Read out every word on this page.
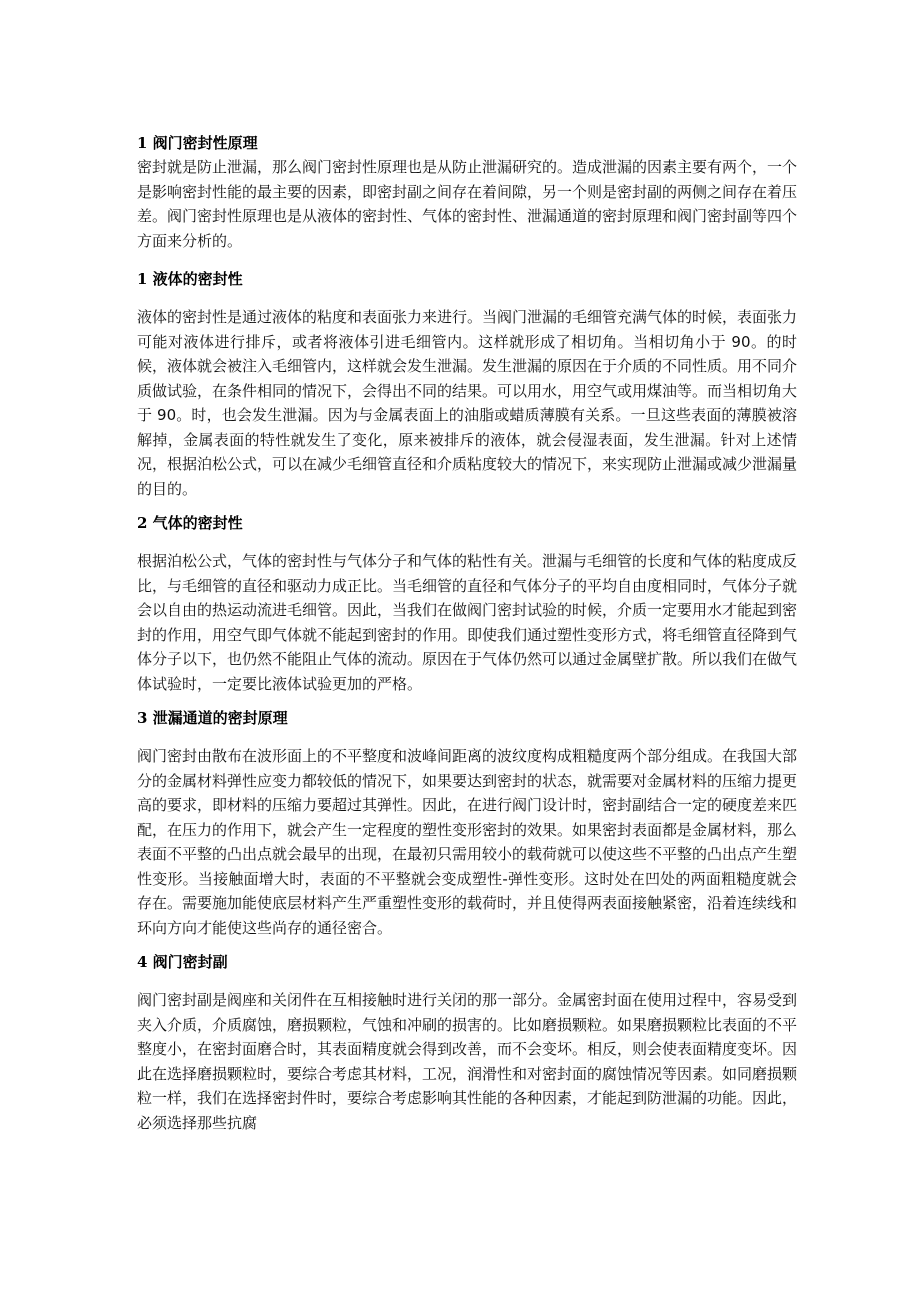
1 阀门密封性原理

密封就是防止泄漏，那么阀门密封性原理也是从防止泄漏研究的。造成泄漏的因素主要有两个，一个是影响密封性能的最主要的因素，即密封副之间存在着间隙，另一个则是密封副的两侧之间存在着压差。阀门密封性原理也是从液体的密封性、气体的密封性、泄漏通道的密封原理和阀门密封副等四个方面来分析的。

1 液体的密封性

液体的密封性是通过液体的粘度和表面张力来进行。当阀门泄漏的毛细管充满气体的时候，表面张力可能对液体进行排斥，或者将液体引进毛细管内。这样就形成了相切角。当相切角小于 90。的时候，液体就会被注入毛细管内，这样就会发生泄漏。发生泄漏的原因在于介质的不同性质。用不同介质做试验，在条件相同的情况下，会得出不同的结果。可以用水，用空气或用煤油等。而当相切角大于 90。时，也会发生泄漏。因为与金属表面上的油脂或蜡质薄膜有关系。一旦这些表面的薄膜被溶解掉，金属表面的特性就发生了变化，原来被排斥的液体，就会侵湿表面，发生泄漏。针对上述情况，根据泊松公式，可以在减少毛细管直径和介质粘度较大的情况下，来实现防止泄漏或减少泄漏量的目的。

2 气体的密封性

根据泊松公式，气体的密封性与气体分子和气体的粘性有关。泄漏与毛细管的长度和气体的粘度成反比，与毛细管的直径和驱动力成正比。当毛细管的直径和气体分子的平均自由度相同时，气体分子就会以自由的热运动流进毛细管。因此，当我们在做阀门密封试验的时候，介质一定要用水才能起到密封的作用，用空气即气体就不能起到密封的作用。即使我们通过塑性变形方式，将毛细管直径降到气体分子以下，也仍然不能阻止气体的流动。原因在于气体仍然可以通过金属壁扩散。所以我们在做气体试验时，一定要比液体试验更加的严格。

3 泄漏通道的密封原理

阀门密封由散布在波形面上的不平整度和波峰间距离的波纹度构成粗糙度两个部分组成。在我国大部分的金属材料弹性应变力都较低的情况下，如果要达到密封的状态，就需要对金属材料的压缩力提更高的要求，即材料的压缩力要超过其弹性。因此，在进行阀门设计时，密封副结合一定的硬度差来匹配，在压力的作用下，就会产生一定程度的塑性变形密封的效果。如果密封表面都是金属材料，那么表面不平整的凸出点就会最早的出现，在最初只需用较小的载荷就可以使这些不平整的凸出点产生塑性变形。当接触面增大时，表面的不平整就会变成塑性-弹性变形。这时处在凹处的两面粗糙度就会存在。需要施加能使底层材料产生严重塑性变形的载荷时，并且使得两表面接触紧密，沿着连续线和环向方向才能使这些尚存的通径密合。

4 阀门密封副

阀门密封副是阀座和关闭件在互相接触时进行关闭的那一部分。金属密封面在使用过程中，容易受到夹入介质，介质腐蚀，磨损颗粒，气蚀和冲刷的损害的。比如磨损颗粒。如果磨损颗粒比表面的不平整度小，在密封面磨合时，其表面精度就会得到改善，而不会变坏。相反，则会使表面精度变坏。因此在选择磨损颗粒时，要综合考虑其材料，工况，润滑性和对密封面的腐蚀情况等因素。如同磨损颗粒一样，我们在选择密封件时，要综合考虑影响其性能的各种因素，才能起到防泄漏的功能。因此，必须选择那些抗腐
